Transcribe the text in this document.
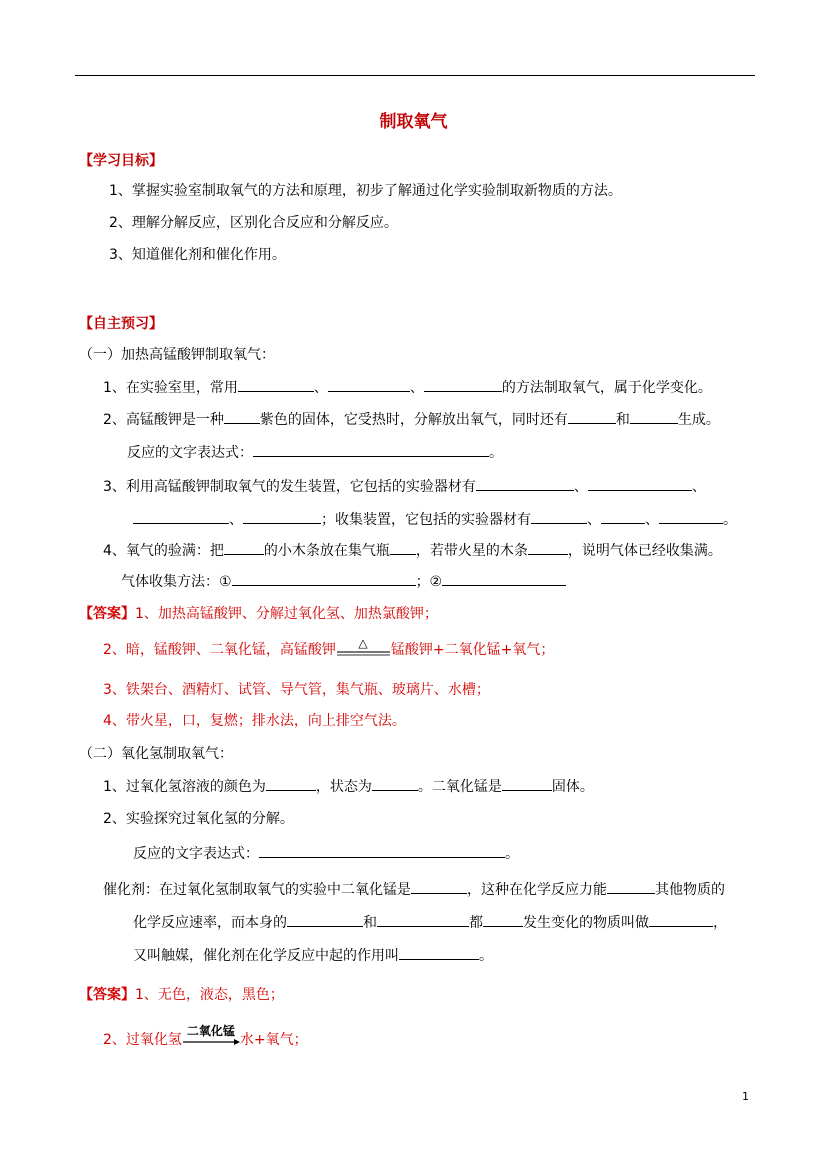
制取氧气
【学习目标】
1、掌握实验室制取氧气的方法和原理，初步了解通过化学实验制取新物质的方法。
2、理解分解反应，区别化合反应和分解反应。
3、知道催化剂和催化作用。
【自主预习】
（一）加热高锰酸钾制取氧气：
1、在实验室里，常用	、	、	的方法制取氧气，属于化学变化。
2、高锰酸钾是一种	紫色的固体，它受热时，分解放出氧气，同时还有	和	生成。
反应的文字表达式：	。
3、利用高锰酸钾制取氧气的发生装置，它包括的实验器材有	、	、
、	；收集装置，它包括的实验器材有	、	、	。
4、氧气的验满：把	的小木条放在集气瓶 ，若带火星的木条	，说明气体已经收集满。
气体收集方法：①	；②
【答案】1、加热高锰酸钾、分解过氧化氢、加热氯酸钾；
2、暗，锰酸钾、二氧化锰，高锰酸钾 △ 锰酸钾+二氧化锰+氧气；
3、铁架台、酒精灯、试管、导气管，集气瓶、玻璃片、水槽；
4、带火星，口，复燃；排水法，向上排空气法。
（二）氧化氢制取氧气：
1、过氧化氢溶液的颜色为	，状态为	。二氧化锰是	固体。
2、实验探究过氧化氢的分解。
反应的文字表达式：	。
催化剂：在过氧化氢制取氧气的实验中二氧化锰是	，这种在化学反应力能	其他物质的
化学反应速率，而本身的	和	都	发生变化的物质叫做	，
又叫触媒，催化剂在化学反应中起的作用叫	。
【答案】1、无色，液态，黑色；
2、过氧化氢
二氧化锰
水+氧气；
1
